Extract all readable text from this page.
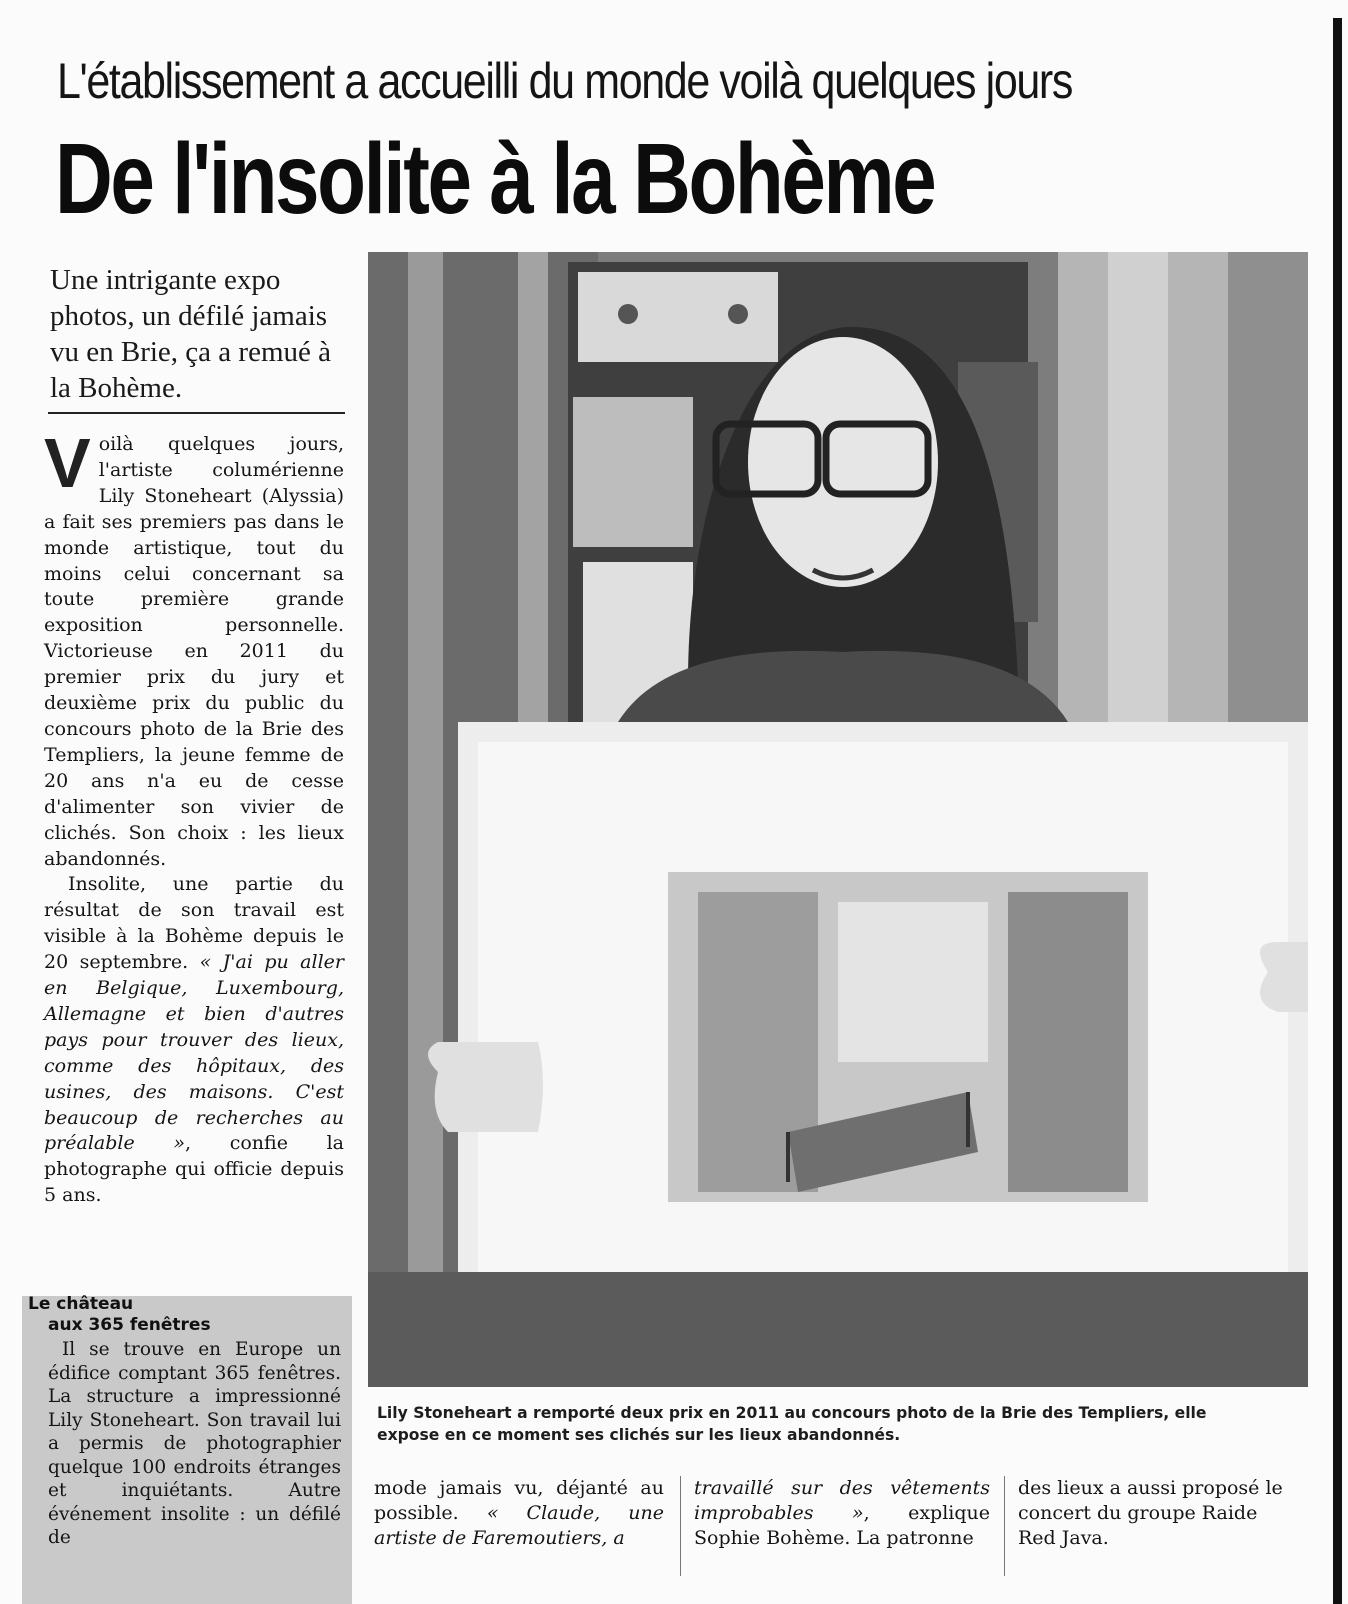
L'établissement a accueilli du monde voilà quelques jours
De l'insolite à la Bohème
Une intrigante expo photos, un défilé jamais vu en Brie, ça a remué à la Bohème.

Voilà quelques jours, l'artiste columérienne Lily Stoneheart (Alyssia) a fait ses premiers pas dans le monde artistique, tout du moins celui concernant sa toute première grande exposition personnelle. Victorieuse en 2011 du premier prix du jury et deuxième prix du public du concours photo de la Brie des Templiers, la jeune femme de 20 ans n'a eu de cesse d'alimenter son vivier de clichés. Son choix : les lieux abandonnés.

Insolite, une partie du résultat de son travail est visible à la Bohème depuis le 20 septembre. « J'ai pu aller en Belgique, Luxembourg, Allemagne et bien d'autres pays pour trouver des lieux, comme des hôpitaux, des usines, des maisons. C'est beaucoup de recherches au préalable », confie la photographe qui officie depuis 5 ans.

Le château
aux 365 fenêtres
Il se trouve en Europe un édifice comptant 365 fenêtres. La structure a impressionné Lily Stoneheart. Son travail lui a permis de photographier quelque 100 endroits étranges et inquiétants. Autre événement insolite : un défilé de
Lily Stoneheart a remporté deux prix en 2011 au concours photo de la Brie des Templiers, elle
expose en ce moment ses clichés sur les lieux abandonnés.
mode jamais vu, déjanté au possible. « Claude, une artiste de Faremoutiers, a
travaillé sur des vêtements improbables », explique Sophie Bohème. La patronne
des lieux a aussi proposé le
concert du groupe Raide
Red Java.
